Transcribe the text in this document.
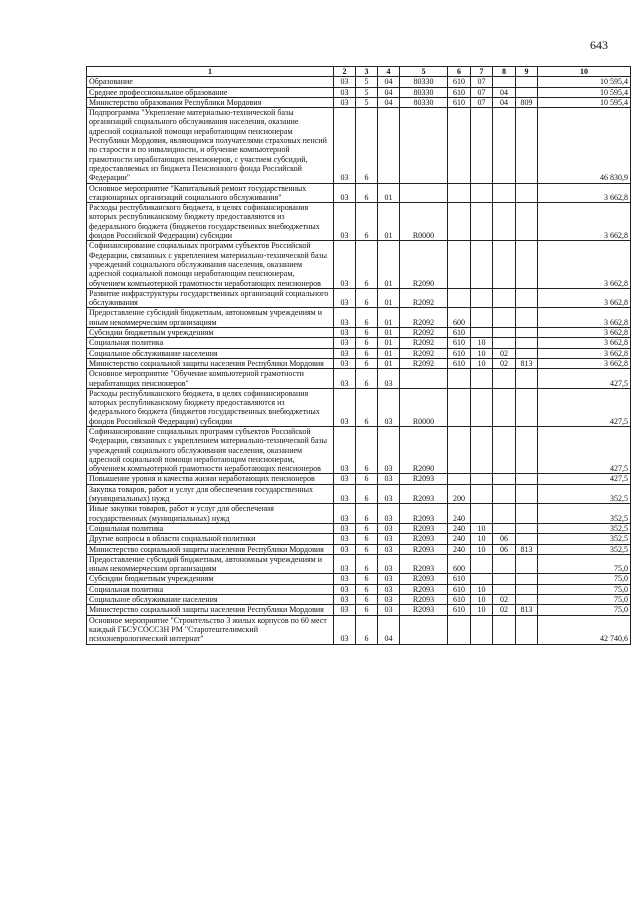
643
1	2	3	4	5	6	7	8	9	10
Образование	03	5	04	80330	610	07			10 595,4
Среднее профессиональное образование	03	5	04	80330	610	07	04		10 595,4
Министерство образования Республики Мордовия	03	5	04	80330	610	07	04	809	10 595,4
Подпрограмма "Укрепление материально-технической базы организаций социального обслуживания населения, оказание адресной социальной помощи неработающим пенсионерам Республики Мордовия, являющимся получателями страховых пенсий по старости и по инвалидности, и обучение компьютерной грамотности неработающих пенсионеров, с участием субсидий, предоставляемых из бюджета Пенсионного фонда Российской Федерации"	03	6							46 830,9
Основное мероприятие "Капитальный ремонт государственных стационарных организаций социального обслуживания"	03	6	01						3 662,8
Расходы республиканского бюджета, в целях софинансирования которых республиканскому бюджету предоставляются из федерального бюджета (бюджетов государственных внебюджетных фондов Российской Федерации) субсидии	03	6	01	R0000					3 662,8
Софинансирование социальных программ субъектов Российской Федерации, связанных с укреплением материально-технической базы учреждений социального обслуживания населения, оказанием адресной социальной помощи неработающим пенсионерам, обучением компьютерной грамотности неработающих пенсионеров	03	6	01	R2090					3 662,8
Развитие инфраструктуры государственных организаций социального обслуживания	03	6	01	R2092					3 662,8
Предоставление субсидий бюджетным, автономным учреждениям и иным некоммерческим организациям	03	6	01	R2092	600				3 662,8
Субсидии бюджетным учреждениям	03	6	01	R2092	610				3 662,8
Социальная политика	03	6	01	R2092	610	10			3 662,8
Социальное обслуживание населения	03	6	01	R2092	610	10	02		3 662,8
Министерство социальной защиты населения Республики Мордовия	03	6	01	R2092	610	10	02	813	3 662,8
Основное мероприятие "Обучение компьютерной грамотности неработающих пенсионеров"	03	6	03						427,5
Расходы республиканского бюджета, в целях софинансирования которых республиканскому бюджету предоставляются из федерального бюджета (бюджетов государственных внебюджетных фондов Российской Федерации) субсидии	03	6	03	R0000					427,5
Софинансирование социальных программ субъектов Российской Федерации, связанных с укреплением материально-технической базы учреждений социального обслуживания населения, оказанием адресной социальной помощи неработающим пенсионерам, обучением компьютерной грамотности неработающих пенсионеров	03	6	03	R2090					427,5
Повышение уровня и качества жизни неработающих пенсионеров	03	6	03	R2093					427,5
Закупка товаров, работ и услуг для обеспечения государственных (муниципальных) нужд	03	6	03	R2093	200				352,5
Иные закупки товаров, работ и услуг для обеспечения государственных (муниципальных) нужд	03	6	03	R2093	240				352,5
Социальная политика	03	6	03	R2093	240	10			352,5
Другие вопросы в области социальной политики	03	6	03	R2093	240	10	06		352,5
Министерство социальной защиты населения Республики Мордовия	03	6	03	R2093	240	10	06	813	352,5
Предоставление субсидий бюджетным, автономным учреждениям и иным некоммерческим организациям	03	6	03	R2093	600				75,0
Субсидии бюджетным учреждениям	03	6	03	R2093	610				75,0
Социальная политика	03	6	03	R2093	610	10			75,0
Социальное обслуживание населения	03	6	03	R2093	610	10	02		75,0
Министерство социальной защиты населения Республики Мордовия	03	6	03	R2093	610	10	02	813	75,0
Основное мероприятие "Строительство 3 жилых корпусов по 60 мест каждый ГБСУСОССЗН РМ "Старотештелимский психоневрологический интернат"	03	6	04						42 740,6
